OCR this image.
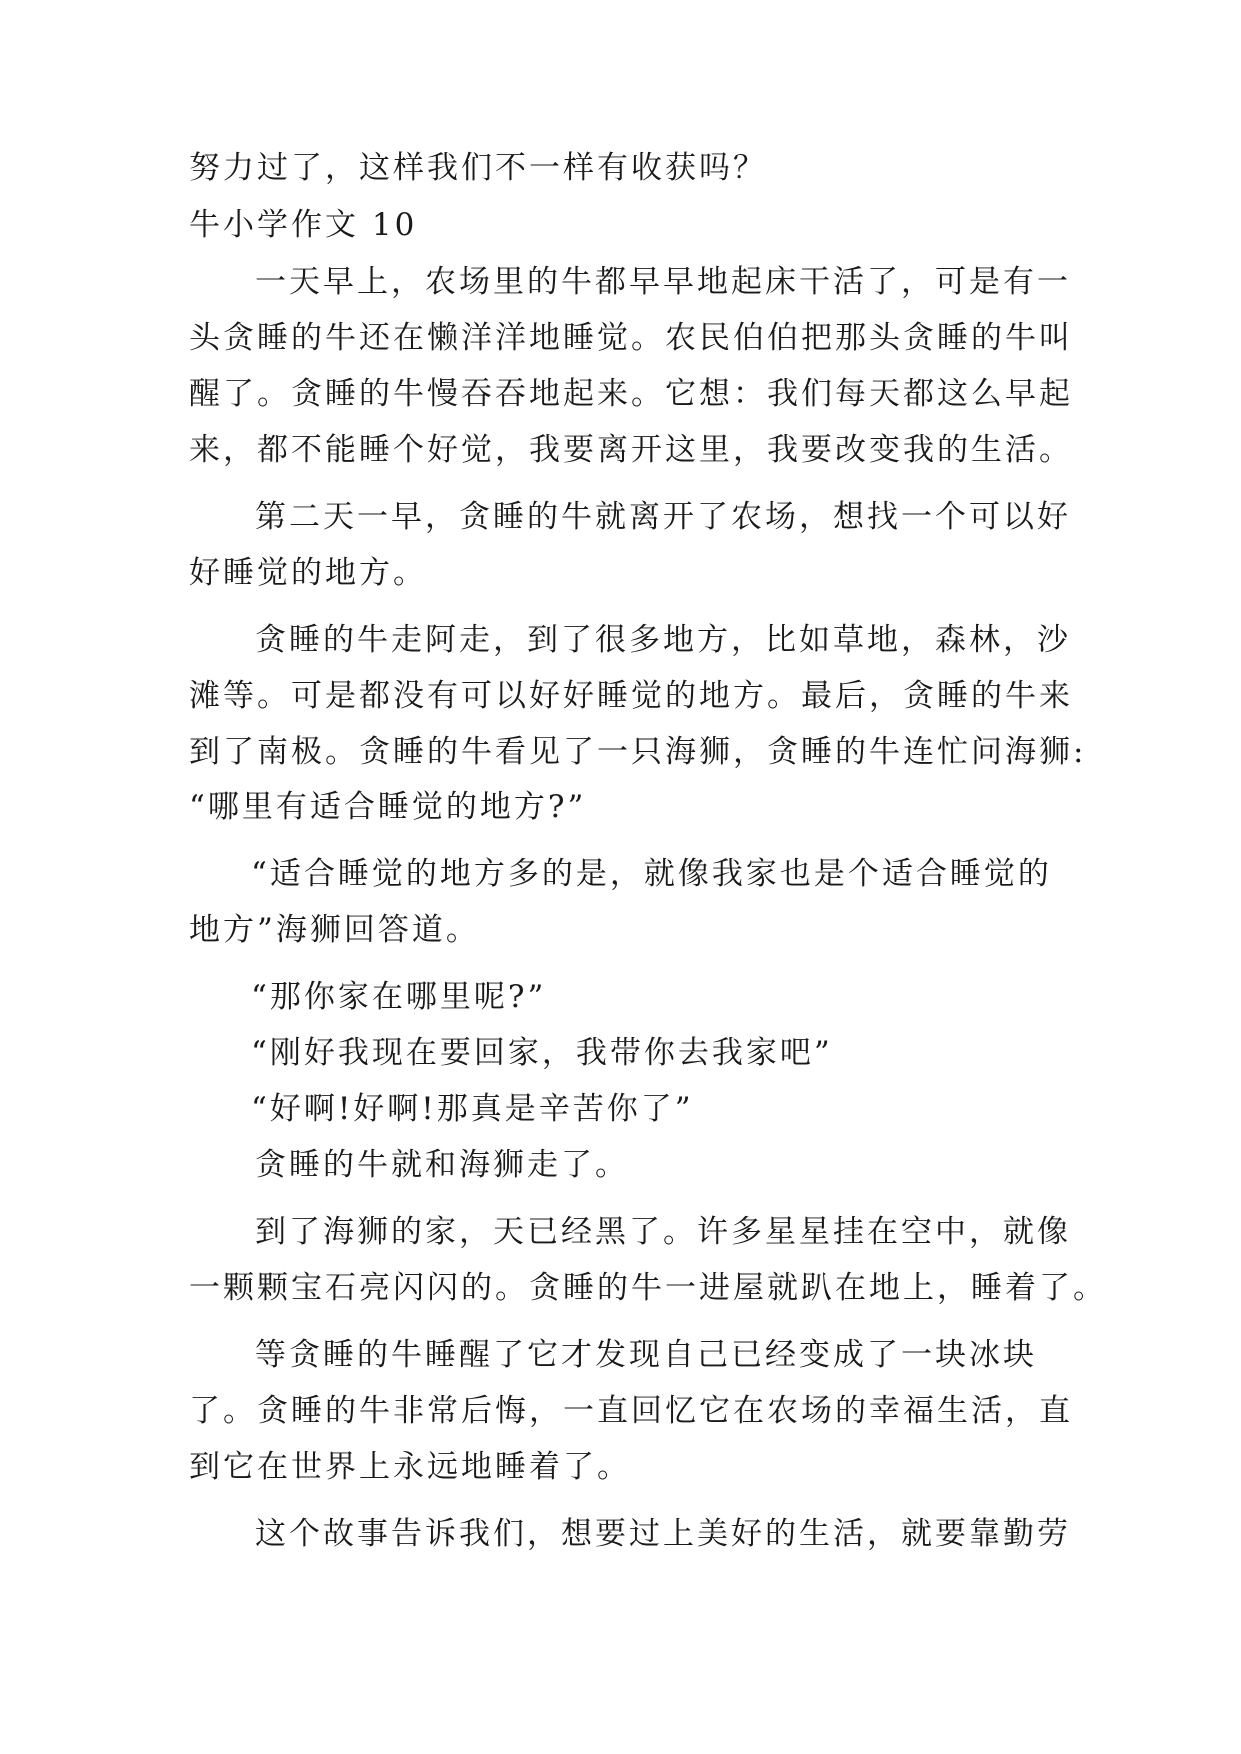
努力过了，这样我们不一样有收获吗？
牛小学作文 10
一天早上，农场里的牛都早早地起床干活了，可是有一
头贪睡的牛还在懒洋洋地睡觉。农民伯伯把那头贪睡的牛叫
醒了。贪睡的牛慢吞吞地起来。它想：我们每天都这么早起
来，都不能睡个好觉，我要离开这里，我要改变我的生活。
第二天一早，贪睡的牛就离开了农场，想找一个可以好
好睡觉的地方。
贪睡的牛走阿走，到了很多地方，比如草地，森林，沙
滩等。可是都没有可以好好睡觉的地方。最后，贪睡的牛来
到了南极。贪睡的牛看见了一只海狮，贪睡的牛连忙问海狮:
“哪里有适合睡觉的地方?”
“适合睡觉的地方多的是，就像我家也是个适合睡觉的
地方”海狮回答道。
“那你家在哪里呢?”
“刚好我现在要回家，我带你去我家吧”
“好啊!好啊!那真是辛苦你了”
贪睡的牛就和海狮走了。
到了海狮的家，天已经黑了。许多星星挂在空中，就像
一颗颗宝石亮闪闪的。贪睡的牛一进屋就趴在地上，睡着了。
等贪睡的牛睡醒了它才发现自己已经变成了一块冰块
了。贪睡的牛非常后悔，一直回忆它在农场的幸福生活，直
到它在世界上永远地睡着了。
这个故事告诉我们，想要过上美好的生活，就要靠勤劳
